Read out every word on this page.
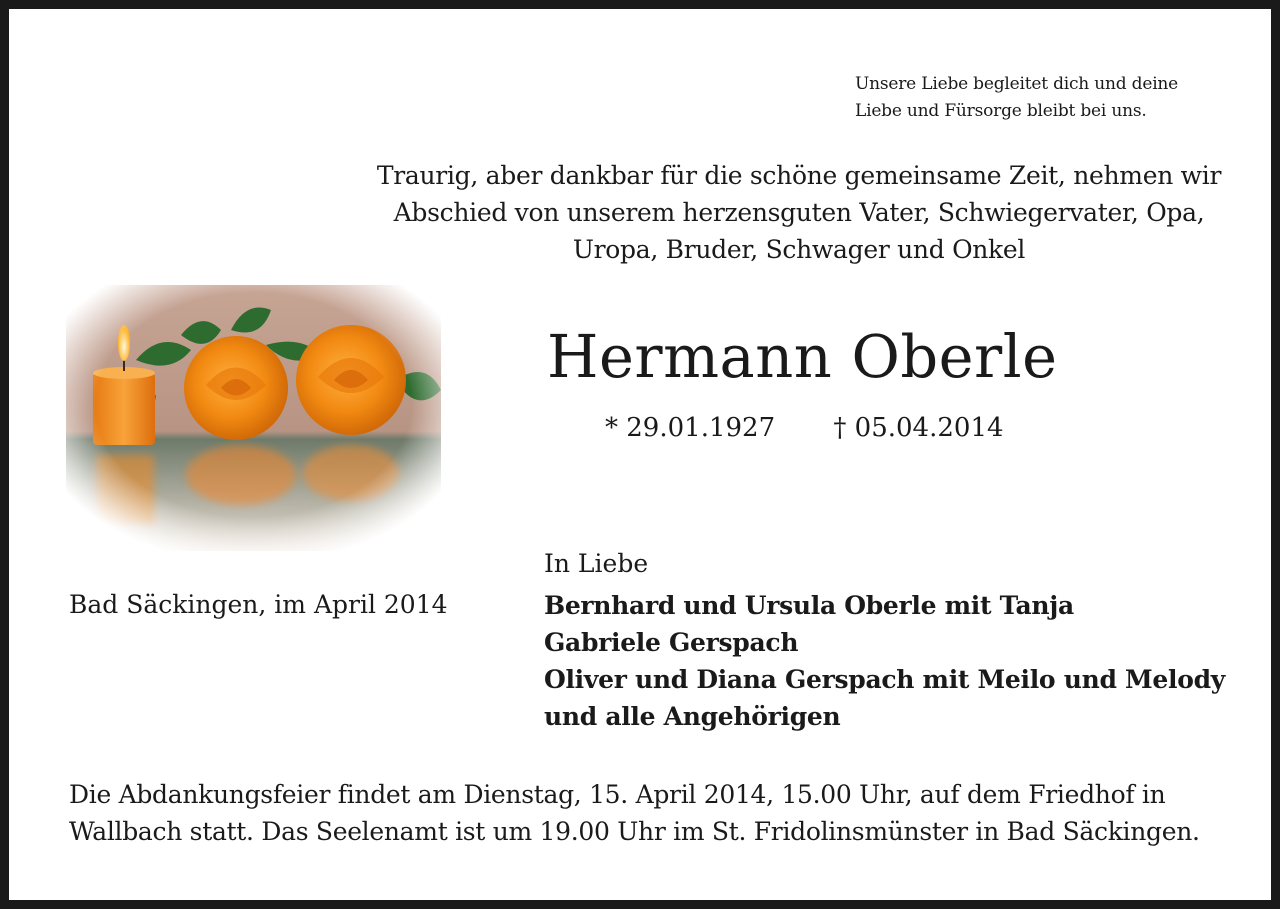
Unsere Liebe begleitet dich und deine
Liebe und Fürsorge bleibt bei uns.
Traurig, aber dankbar für die schöne gemeinsame Zeit, nehmen wir
Abschied von unserem herzensguten Vater, Schwiegervater, Opa,
Uropa, Bruder, Schwager und Onkel
Hermann Oberle
* 29.01.1927 † 05.04.2014
In Liebe
Bad Säckingen, im April 2014	Bernhard und Ursula Oberle mit Tanja
Gabriele Gerspach
Oliver und Diana Gerspach mit Meilo und Melody
und alle Angehörigen
Die Abdankungsfeier findet am Dienstag, 15. April 2014, 15.00 Uhr, auf dem Friedhof in
Wallbach statt. Das Seelenamt ist um 19.00 Uhr im St. Fridolinsmünster in Bad Säckingen.
